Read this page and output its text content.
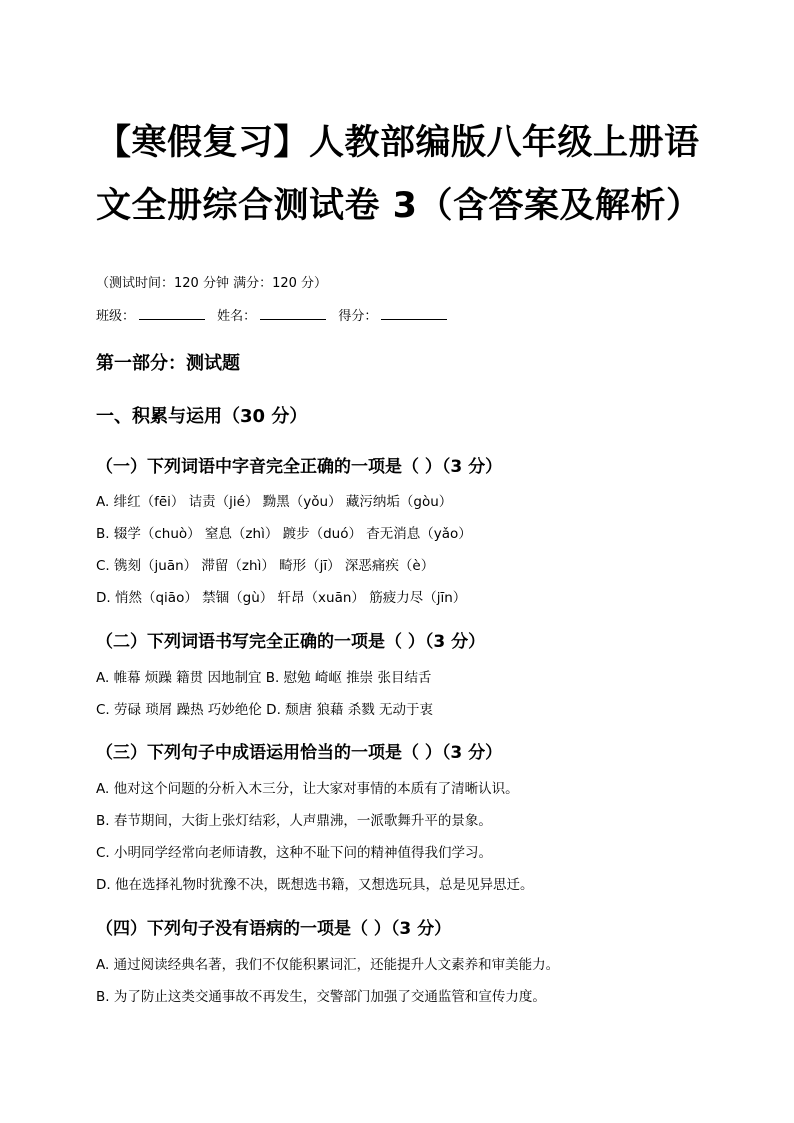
【寒假复习】人教部编版八年级上册语
文全册综合测试卷 3（含答案及解析）
（测试时间：120 分钟 满分：120 分）
班级：	姓名：	得分：
第一部分：测试题
一、积累与运用（30 分）
（一）下列词语中字音完全正确的一项是（ ）（3 分）
A. 绯红（fēi） 诘责（jié） 黝黑（yǒu） 藏污纳垢（gòu）
B. 辍学（chuò） 窒息（zhì） 踱步（duó） 杳无消息（yǎo）
C. 镌刻（juān） 滞留（zhì） 畸形（jī） 深恶痛疾（è）
D. 悄然（qiāo） 禁锢（gù） 轩昂（xuān） 筋疲力尽（jīn）
（二）下列词语书写完全正确的一项是（ ）（3 分）
A. 帷幕 烦躁 籍贯 因地制宜 B. 慰勉 崎岖 推崇 张目结舌
C. 劳碌 琐屑 躁热 巧妙绝伦 D. 颓唐 狼藉 杀戮 无动于衷
（三）下列句子中成语运用恰当的一项是（ ）（3 分）
A. 他对这个问题的分析入木三分，让大家对事情的本质有了清晰认识。
B. 春节期间，大街上张灯结彩，人声鼎沸，一派歌舞升平的景象。
C. 小明同学经常向老师请教，这种不耻下问的精神值得我们学习。
D. 他在选择礼物时犹豫不决，既想选书籍，又想选玩具，总是见异思迁。
（四）下列句子没有语病的一项是（ ）（3 分）
A. 通过阅读经典名著，我们不仅能积累词汇，还能提升人文素养和审美能力。
B. 为了防止这类交通事故不再发生，交警部门加强了交通监管和宣传力度。
